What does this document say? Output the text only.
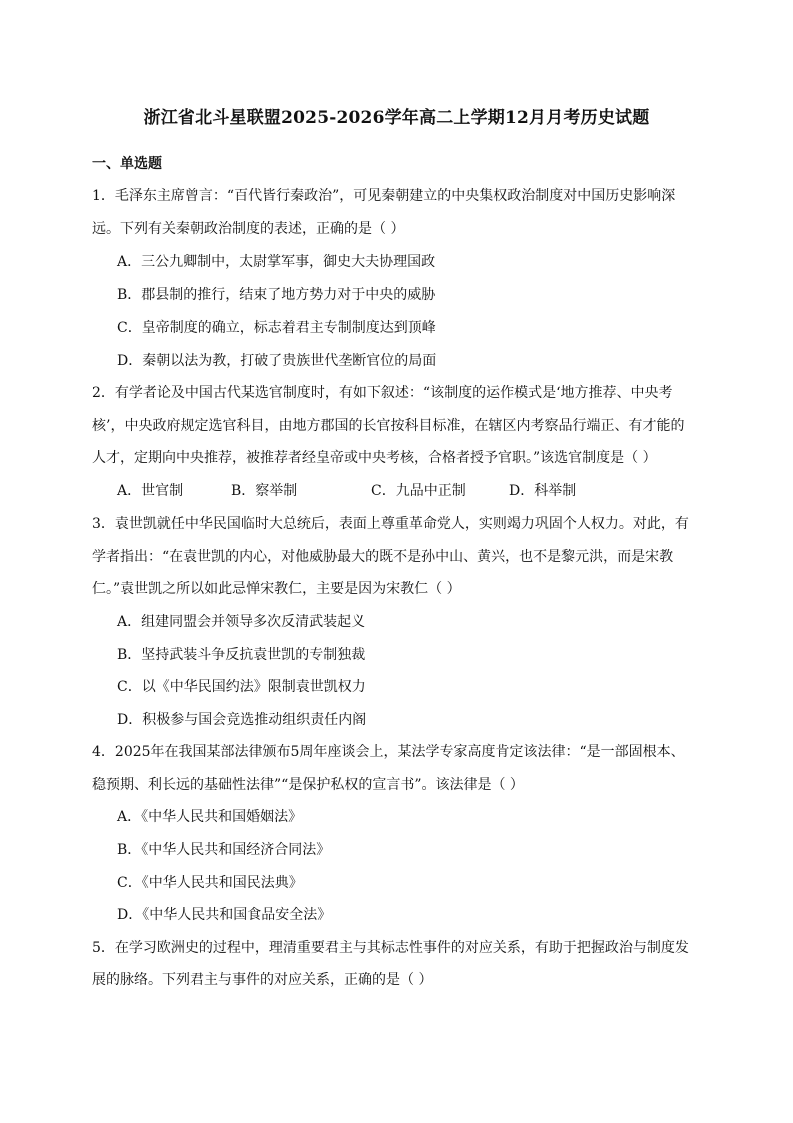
浙江省北斗星联盟2025-2026学年高二上学期12月月考历史试题
一、单选题
1．毛泽东主席曾言：“百代皆行秦政治”，可见秦朝建立的中央集权政治制度对中国历史影响深
远。下列有关秦朝政治制度的表述，正确的是（ ）
A．三公九卿制中，太尉掌军事，御史大夫协理国政
B．郡县制的推行，结束了地方势力对于中央的威胁
C．皇帝制度的确立，标志着君主专制制度达到顶峰
D．秦朝以法为教，打破了贵族世代垄断官位的局面
2．有学者论及中国古代某选官制度时，有如下叙述：“该制度的运作模式是‘地方推荐、中央考
核’，中央政府规定选官科目，由地方郡国的长官按科目标准，在辖区内考察品行端正、有才能的
人才，定期向中央推荐，被推荐者经皇帝或中央考核，合格者授予官职。”该选官制度是（ ）
A．世官制	B．察举制	C．九品中正制	D．科举制
3．袁世凯就任中华民国临时大总统后，表面上尊重革命党人，实则竭力巩固个人权力。对此，有
学者指出：“在袁世凯的内心，对他威胁最大的既不是孙中山、黄兴，也不是黎元洪，而是宋教
仁。”袁世凯之所以如此忌惮宋教仁，主要是因为宋教仁（ ）
A．组建同盟会并领导多次反清武装起义
B．坚持武装斗争反抗袁世凯的专制独裁
C．以《中华民国约法》限制袁世凯权力
D．积极参与国会竞选推动组织责任内阁
4．2025年在我国某部法律颁布5周年座谈会上，某法学专家高度肯定该法律：“是一部固根本、
稳预期、利长远的基础性法律”“是保护私权的宣言书”。该法律是（ ）
A．《中华人民共和国婚姻法》
B．《中华人民共和国经济合同法》
C．《中华人民共和国民法典》
D．《中华人民共和国食品安全法》
5．在学习欧洲史的过程中，理清重要君主与其标志性事件的对应关系，有助于把握政治与制度发
展的脉络。下列君主与事件的对应关系，正确的是（ ）
